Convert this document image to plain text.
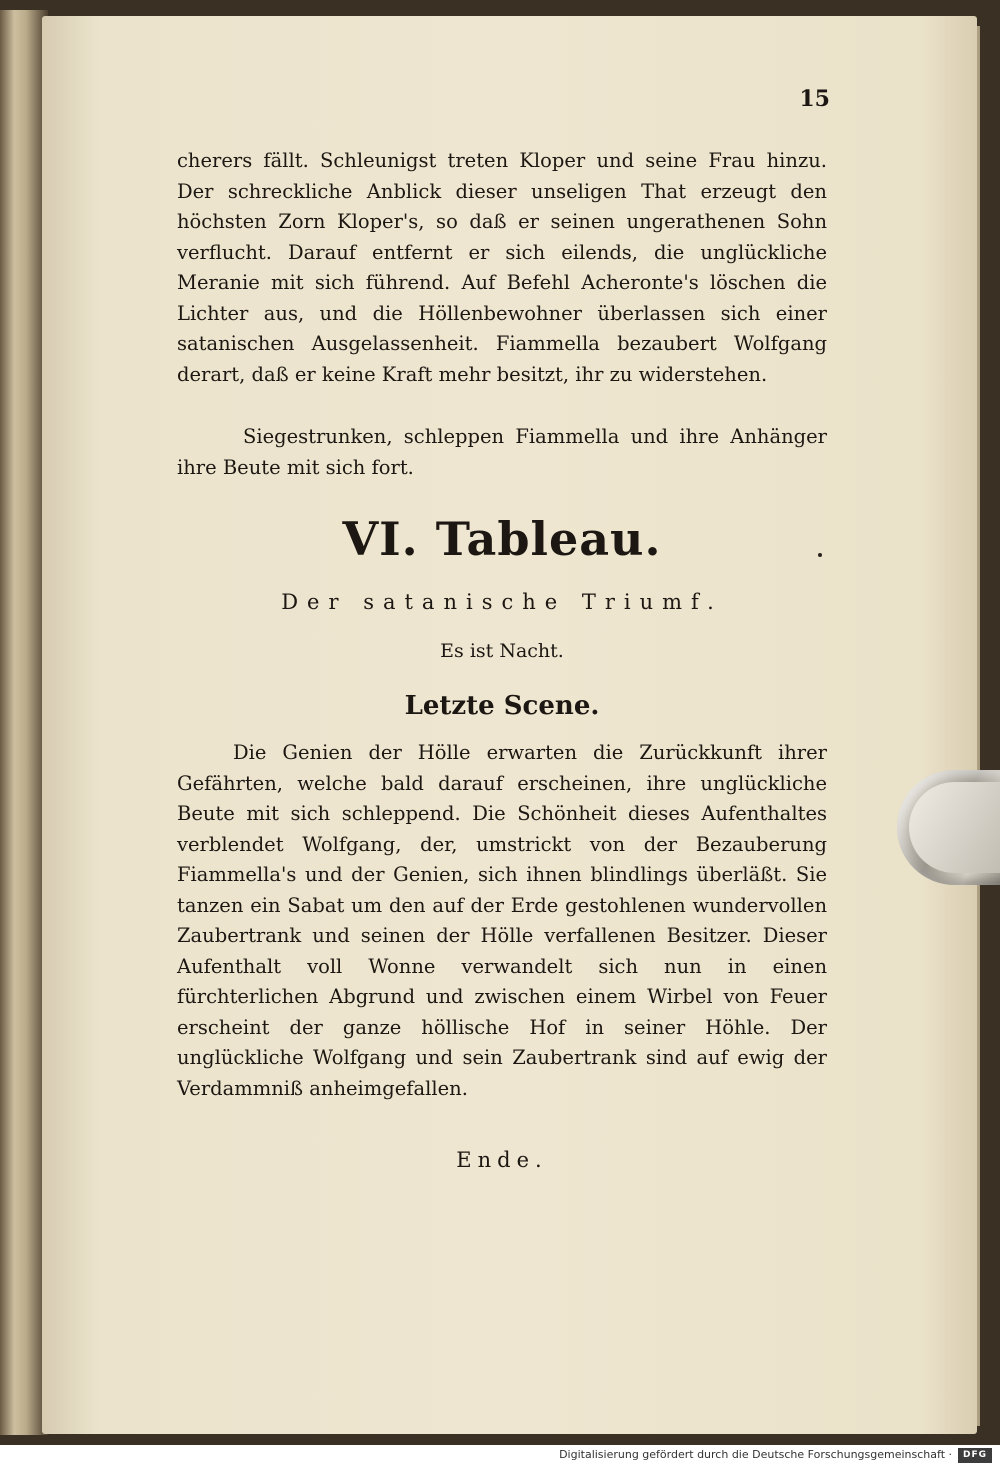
15
cherers fällt. Schleunigst treten Kloper und seine Frau hinzu. Der schreckliche Anblick dieser unseligen That erzeugt den höchsten Zorn Kloper's, so daß er seinen ungerathenen Sohn verflucht. Darauf entfernt er sich eilends, die unglückliche Meranie mit sich führend. Auf Befehl Acheronte's löschen die Lichter aus, und die Höllenbewohner überlassen sich einer satanischen Ausgelassenheit. Fiammella bezaubert Wolfgang derart, daß er keine Kraft mehr besitzt, ihr zu widerstehen.
Siegestrunken, schleppen Fiammella und ihre Anhänger ihre Beute mit sich fort.
VI. Tableau.
Der satanische Triumf.
Es ist Nacht.
Letzte Scene.
Die Genien der Hölle erwarten die Zurückkunft ihrer Gefährten, welche bald darauf erscheinen, ihre unglückliche Beute mit sich schleppend. Die Schönheit dieses Aufenthaltes verblendet Wolfgang, der, umstrickt von der Bezauberung Fiammella's und der Genien, sich ihnen blindlings überläßt. Sie tanzen ein Sabat um den auf der Erde gestohlenen wundervollen Zaubertrank und seinen der Hölle verfallenen Besitzer. Dieser Aufenthalt voll Wonne verwandelt sich nun in einen fürchterlichen Abgrund und zwischen einem Wirbel von Feuer erscheint der ganze höllische Hof in seiner Höhle. Der unglückliche Wolfgang und sein Zaubertrank sind auf ewig der Verdammniß anheimgefallen.
Ende.
Digitalisierung gefördert durch die Deutsche Forschungsgemeinschaft ·	DFG
